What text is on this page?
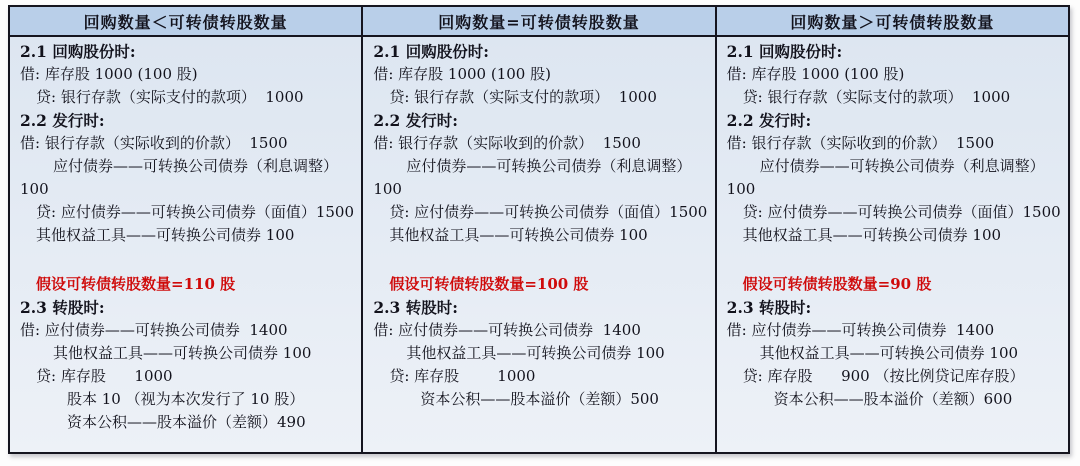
回购数量＜可转债转股数量
2.1 回购股份时:
借: 库存股 1000 (100 股)
贷: 银行存款（实际支付的款项）  1000
2.2 发行时:
借: 银行存款（实际收到的价款）  1500
应付债券——可转换公司债券（利息调整）
100
贷: 应付债券——可转换公司债券（面值）1500
其他权益工具——可转换公司债券 100
假设可转债转股数量=110 股
2.3 转股时:
借: 应付债券——可转换公司债券  1400
其他权益工具——可转换公司债券 100
贷: 库存股      1000
股本 10 （视为本次发行了 10 股）
资本公积——股本溢价（差额）490
回购数量=可转债转股数量
2.1 回购股份时:
借: 库存股 1000 (100 股)
贷: 银行存款（实际支付的款项）  1000
2.2 发行时:
借: 银行存款（实际收到的价款）  1500
应付债券——可转换公司债券（利息调整）
100
贷: 应付债券——可转换公司债券（面值）1500
其他权益工具——可转换公司债券 100
假设可转债转股数量=100 股
2.3 转股时:
借: 应付债券——可转换公司债券  1400
其他权益工具——可转换公司债券 100
贷: 库存股        1000
资本公积——股本溢价（差额）500
回购数量＞可转债转股数量
2.1 回购股份时:
借: 库存股 1000 (100 股)
贷: 银行存款（实际支付的款项）  1000
2.2 发行时:
借: 银行存款（实际收到的价款）  1500
应付债券——可转换公司债券（利息调整）
100
贷: 应付债券——可转换公司债券（面值）1500
其他权益工具——可转换公司债券 100
假设可转债转股数量=90 股
2.3 转股时:
借: 应付债券——可转换公司债券  1400
其他权益工具——可转换公司债券 100
贷: 库存股      900 （按比例贷记库存股）
资本公积——股本溢价（差额）600
